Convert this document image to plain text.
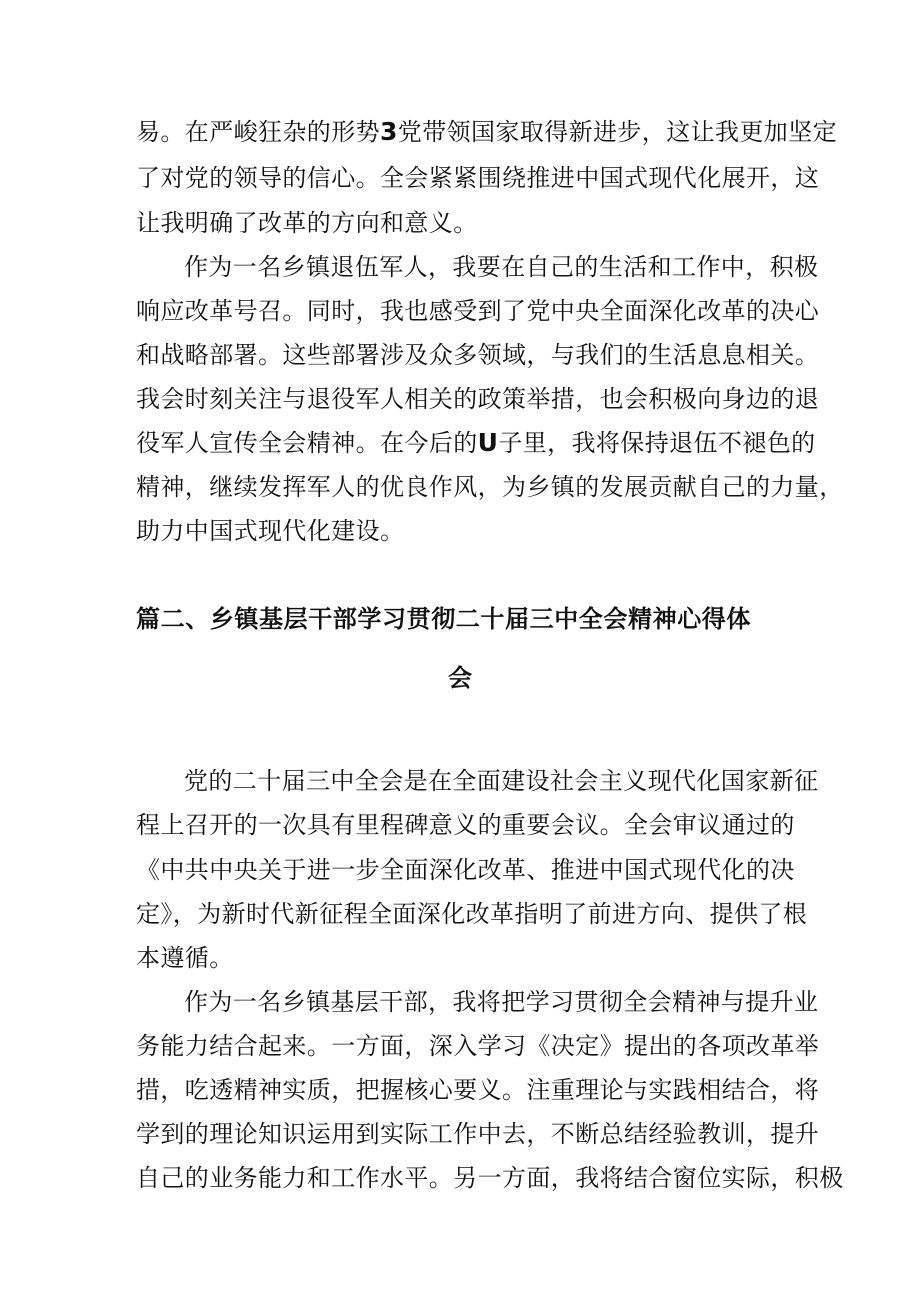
易。在严峻狂杂的形势3党带领国家取得新进步，这让我更加坚定
了对党的领导的信心。全会紧紧围绕推进中国式现代化展开，这
让我明确了改革的方向和意义。
作为一名乡镇退伍军人，我要在自己的生活和工作中，积极
响应改革号召。同时，我也感受到了党中央全面深化改革的决心
和战略部署。这些部署涉及众多领域，与我们的生活息息相关。
我会时刻关注与退役军人相关的政策举措，也会积极向身边的退
役军人宣传全会精神。在今后的U子里，我将保持退伍不褪色的
精神，继续发挥军人的优良作风，为乡镇的发展贡献自己的力量，
助力中国式现代化建设。
篇二、乡镇基层干部学习贯彻二十届三中全会精神心得体
会
党的二十届三中全会是在全面建设社会主义现代化国家新征
程上召开的一次具有里程碑意义的重要会议。全会审议通过的
《中共中央关于进一步全面深化改革、推进中国式现代化的决
定》，为新时代新征程全面深化改革指明了前进方向、提供了根
本遵循。
作为一名乡镇基层干部，我将把学习贯彻全会精神与提升业
务能力结合起来。一方面，深入学习《决定》提出的各项改革举
措，吃透精神实质，把握核心要义。注重理论与实践相结合，将
学到的理论知识运用到实际工作中去，不断总结经验教训，提升
自己的业务能力和工作水平。另一方面，我将结合窗位实际，积极
